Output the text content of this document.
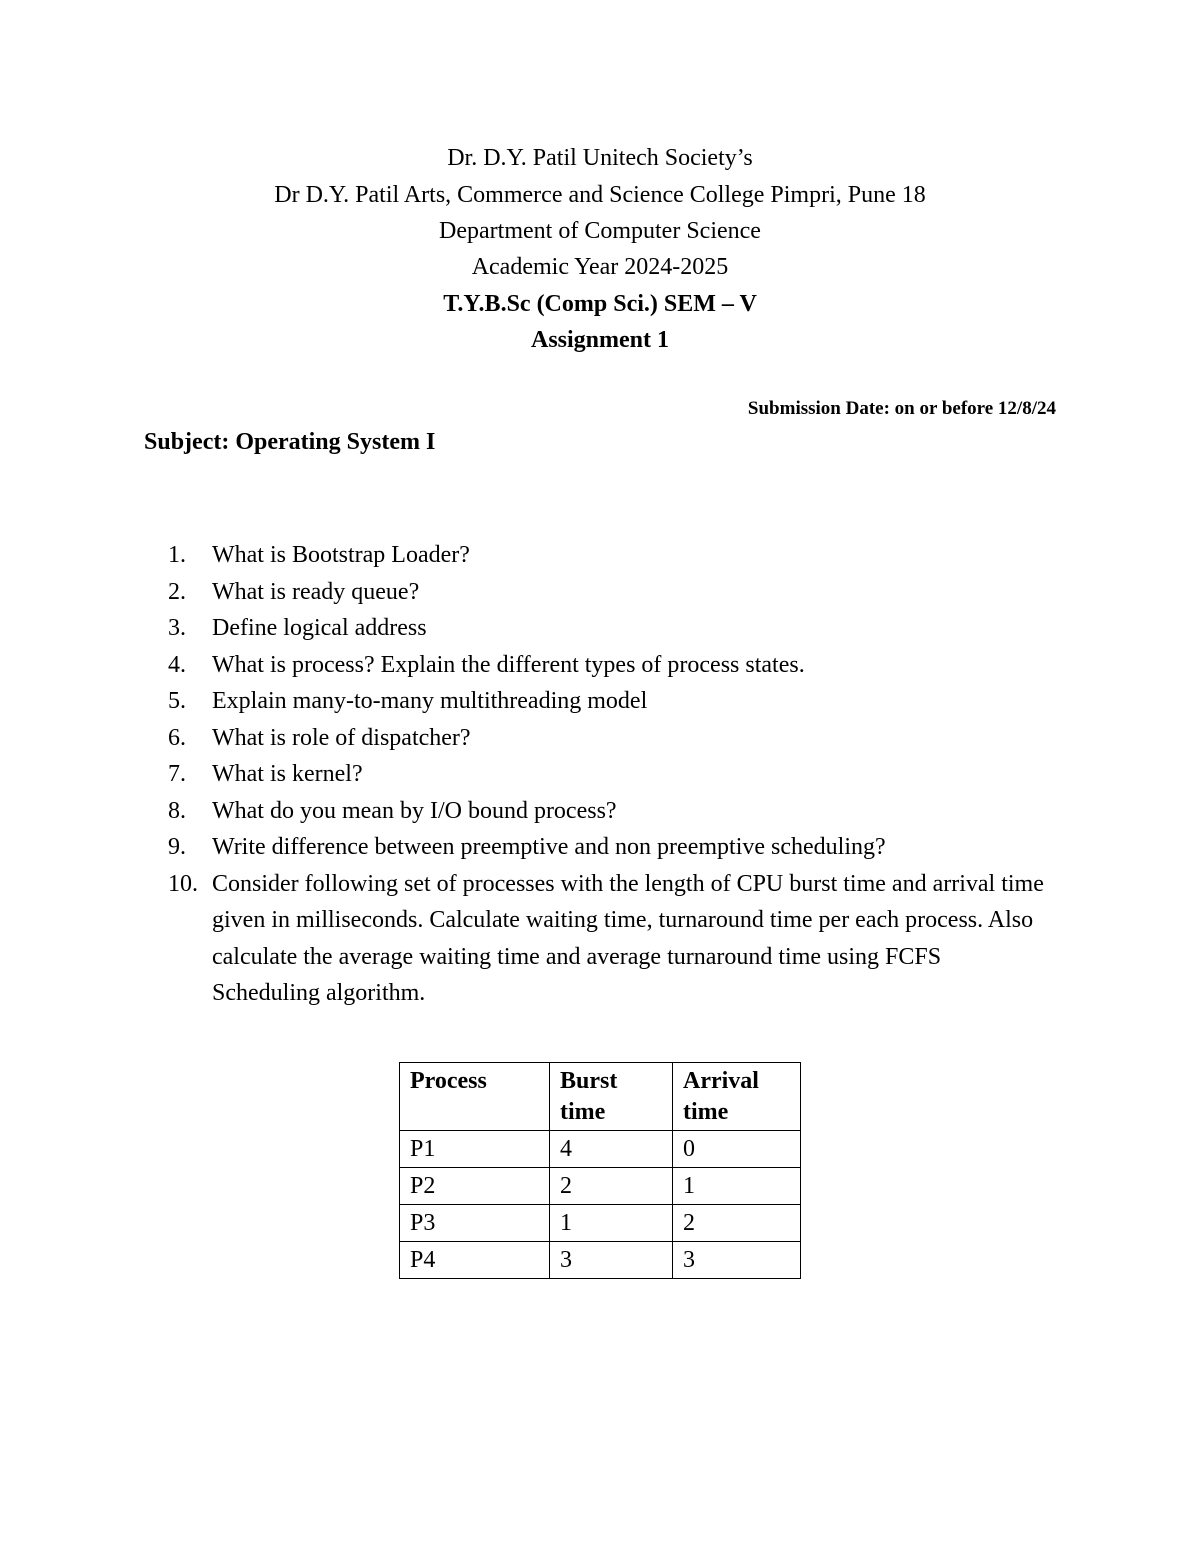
Dr. D.Y. Patil Unitech Society’s
Dr D.Y. Patil Arts, Commerce and Science College Pimpri, Pune 18
Department of Computer Science
Academic Year 2024-2025
T.Y.B.Sc (Comp Sci.) SEM – V
Assignment 1
Submission Date: on or before 12/8/24
Subject: Operating System I
1.	What is Bootstrap Loader?
2.	What is ready queue?
3.	Define logical address
4.	What is process? Explain the different types of process states.
5.	Explain many-to-many multithreading model
6.	What is role of dispatcher?
7.	What is kernel?
8.	What do you mean by I/O bound process?
9.	Write difference between preemptive and non preemptive scheduling?
10. Consider following set of processes with the length of CPU burst time and arrival time given in milliseconds. Calculate waiting time, turnaround time per each process. Also calculate the average waiting time and average turnaround time using FCFS Scheduling algorithm.
Process	Burst time	Arrival time
P1	4	0
P2	2	1
P3	1	2
P4	3	3
